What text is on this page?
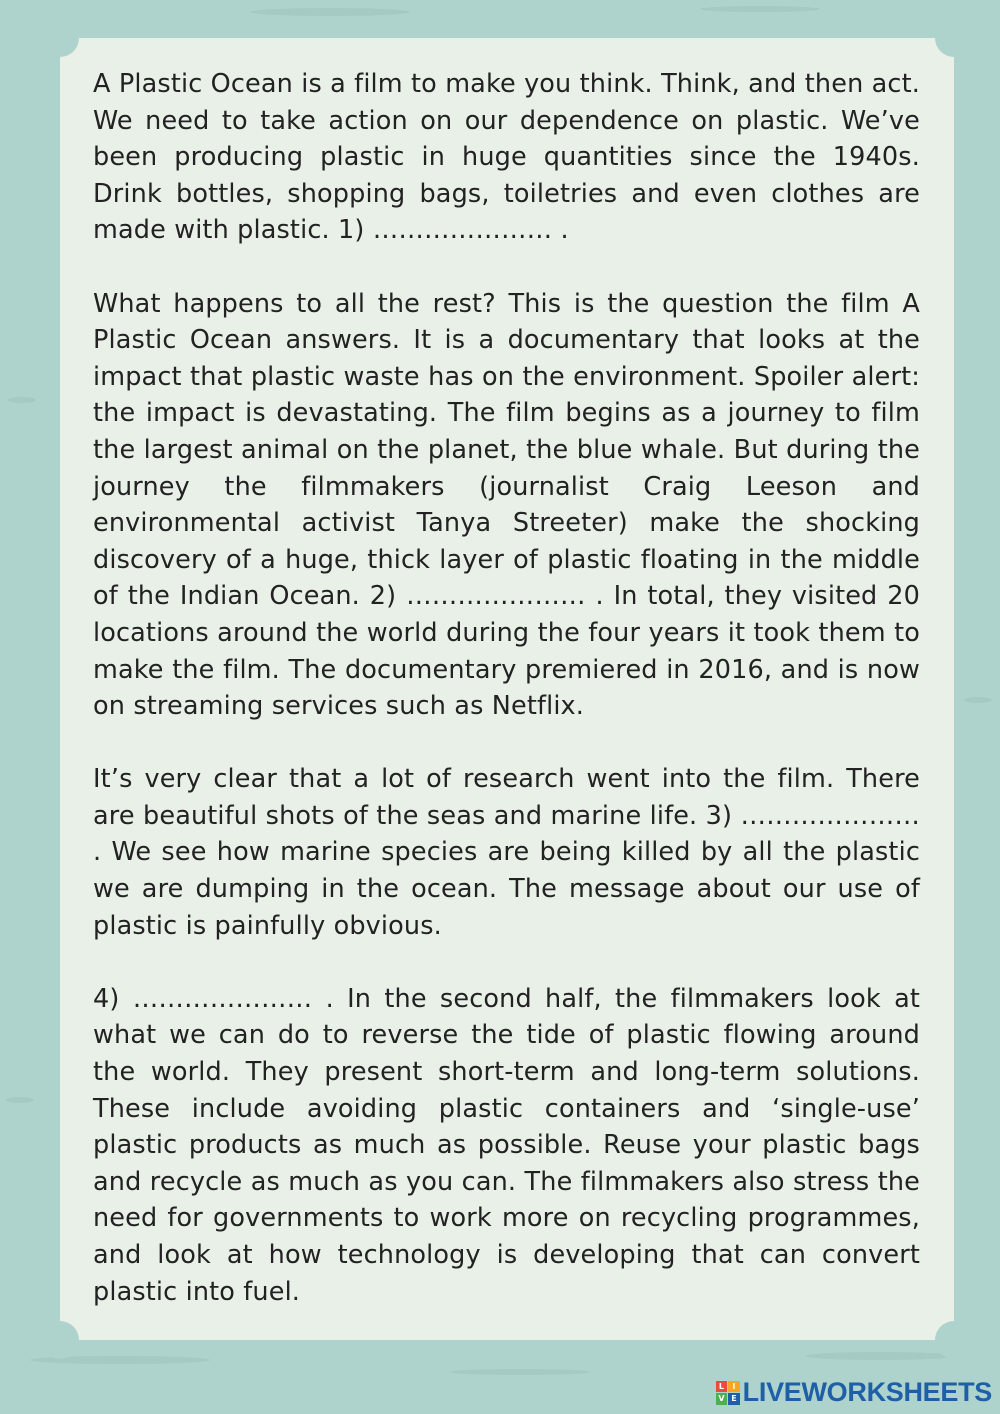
A Plastic Ocean is a film to make you think. Think, and then act. We need to take action on our dependence on plastic. We’ve been producing plastic in huge quantities since the 1940s. Drink bottles, shopping bags, toiletries and even clothes are made with plastic. 1) ………………… .

What happens to all the rest? This is the question the film A Plastic Ocean answers. It is a documentary that looks at the impact that plastic waste has on the environment. Spoiler alert: the impact is devastating. The film begins as a journey to film the largest animal on the planet, the blue whale. But during the journey the filmmakers (journalist Craig Leeson and environmental activist Tanya Streeter) make the shocking discovery of a huge, thick layer of plastic floating in the middle of the Indian Ocean. 2) ………………… . In total, they visited 20 locations around the world during the four years it took them to make the film. The documentary premiered in 2016, and is now on streaming services such as Netflix.

It’s very clear that a lot of research went into the film. There are beautiful shots of the seas and marine life. 3) ………………… . We see how marine species are being killed by all the plastic we are dumping in the ocean. The message about our use of plastic is painfully obvious.

4) ………………… . In the second half, the filmmakers look at what we can do to reverse the tide of plastic flowing around the world. They present short-term and long-term solutions. These include avoiding plastic containers and ‘single-use’ plastic products as much as possible. Reuse your plastic bags and recycle as much as you can. The filmmakers also stress the need for governments to work more on recycling programmes, and look at how technology is developing that can convert plastic into fuel.

L	I
V E LIVEWORKSHEETS
